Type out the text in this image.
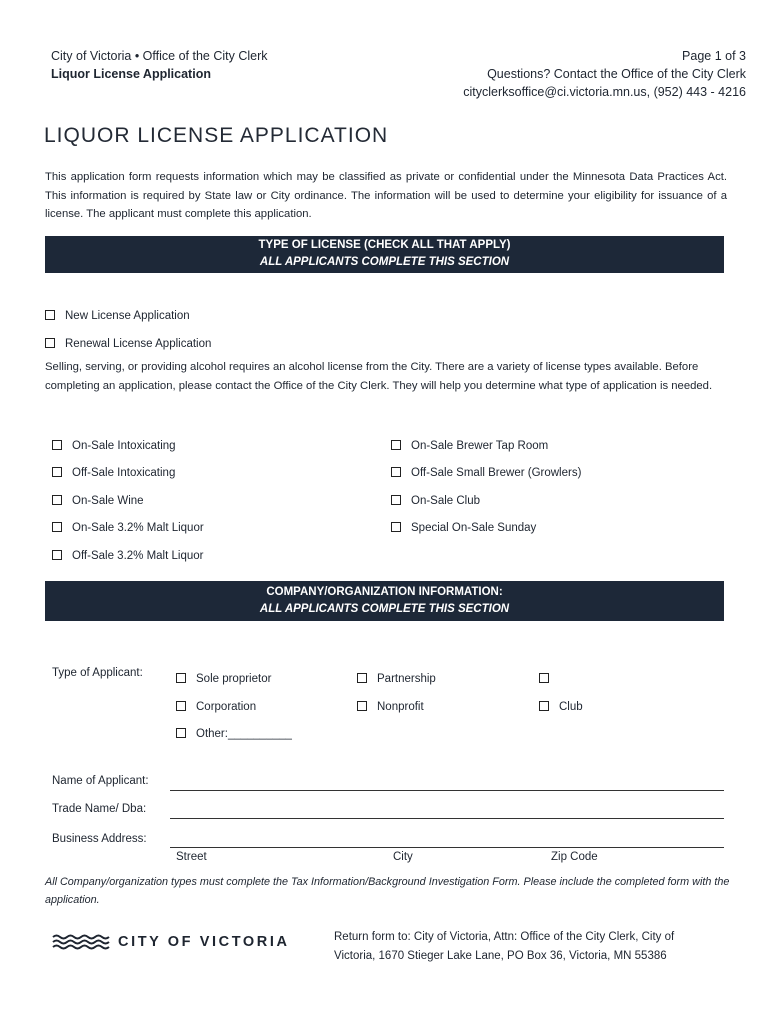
City of Victoria • Office of the City Clerk
Liquor License Application
Page 1 of 3
Questions? Contact the Office of the City Clerk
cityclerksoffice@ci.victoria.mn.us, (952) 443 - 4216
LIQUOR LICENSE APPLICATION
This application form requests information which may be classified as private or confidential under the Minnesota Data Practices Act. This information is required by State law or City ordinance. The information will be used to determine your eligibility for issuance of a license. The applicant must complete this application.
TYPE OF LICENSE (CHECK ALL THAT APPLY)
ALL APPLICANTS COMPLETE THIS SECTION
New License Application
Renewal License Application
Selling, serving, or providing alcohol requires an alcohol license from the City. There are a variety of license types available. Before completing an application, please contact the Office of the City Clerk. They will help you determine what type of application is needed.
On-Sale Intoxicating
Off-Sale Intoxicating
On-Sale Wine
On-Sale 3.2% Malt Liquor
Off-Sale 3.2% Malt Liquor
On-Sale Brewer Tap Room
Off-Sale Small Brewer (Growlers)
On-Sale Club
Special On-Sale Sunday
COMPANY/ORGANIZATION INFORMATION:
ALL APPLICANTS COMPLETE THIS SECTION
Type of Applicant:	Sole proprietor	Partnership
Corporation	Nonprofit	Club
Other:__________
Name of Applicant:
Trade Name/ Dba:
Business Address:
Street	City	Zip Code
All Company/organization types must complete the Tax Information/Background Investigation Form. Please include the completed form with the application.
CITY OF VICTORIA	Return form to: City of Victoria, Attn: Office of the City Clerk, City of Victoria, 1670 Stieger Lake Lane, PO Box 36, Victoria, MN 55386
